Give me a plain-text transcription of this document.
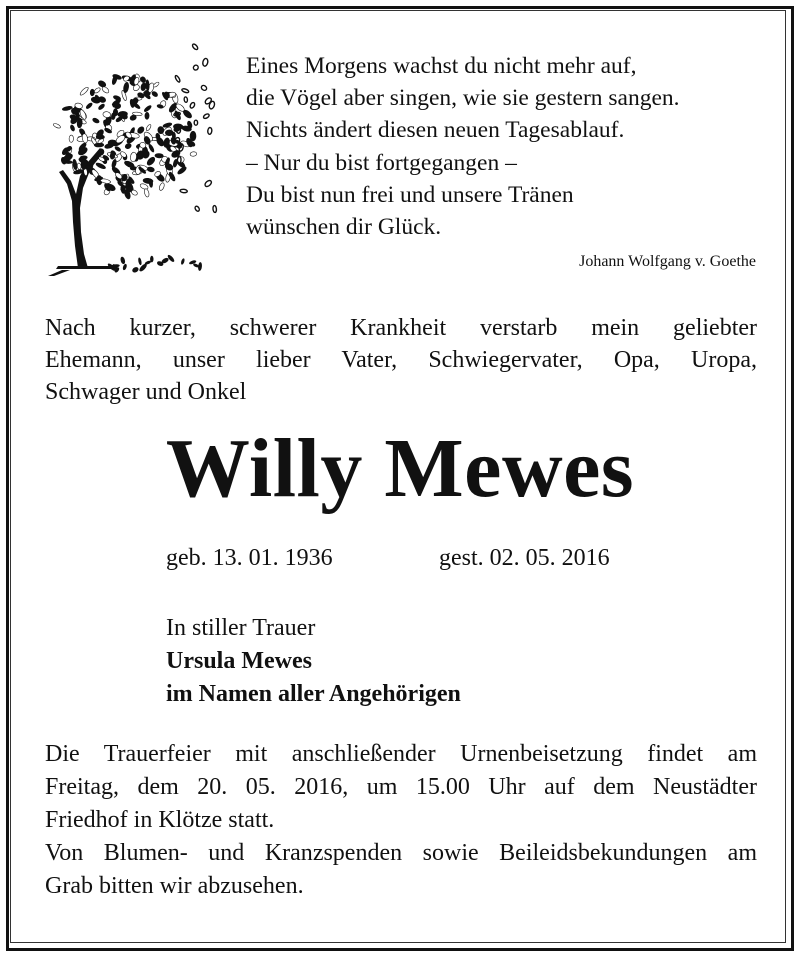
Eines Morgens wachst du nicht mehr auf,
die Vögel aber singen, wie sie gestern sangen.
Nichts ändert diesen neuen Tagesablauf.
– Nur du bist fortgegangen –
Du bist nun frei und unsere Tränen
wünschen dir Glück.
Johann Wolfgang v. Goethe
Nach kurzer, schwerer Krankheit verstarb mein geliebter
Ehemann, unser lieber Vater, Schwiegervater, Opa, Uropa,
Schwager und Onkel
Willy Mewes
geb. 13. 01. 1936	gest. 02. 05. 2016
In stiller Trauer
Ursula Mewes
im Namen aller Angehörigen
Die Trauerfeier mit anschließender Urnenbeisetzung findet am
Freitag, dem 20. 05. 2016, um 15.00 Uhr auf dem Neustädter
Friedhof in Klötze statt.
Von Blumen- und Kranzspenden sowie Beileidsbekundungen am
Grab bitten wir abzusehen.
